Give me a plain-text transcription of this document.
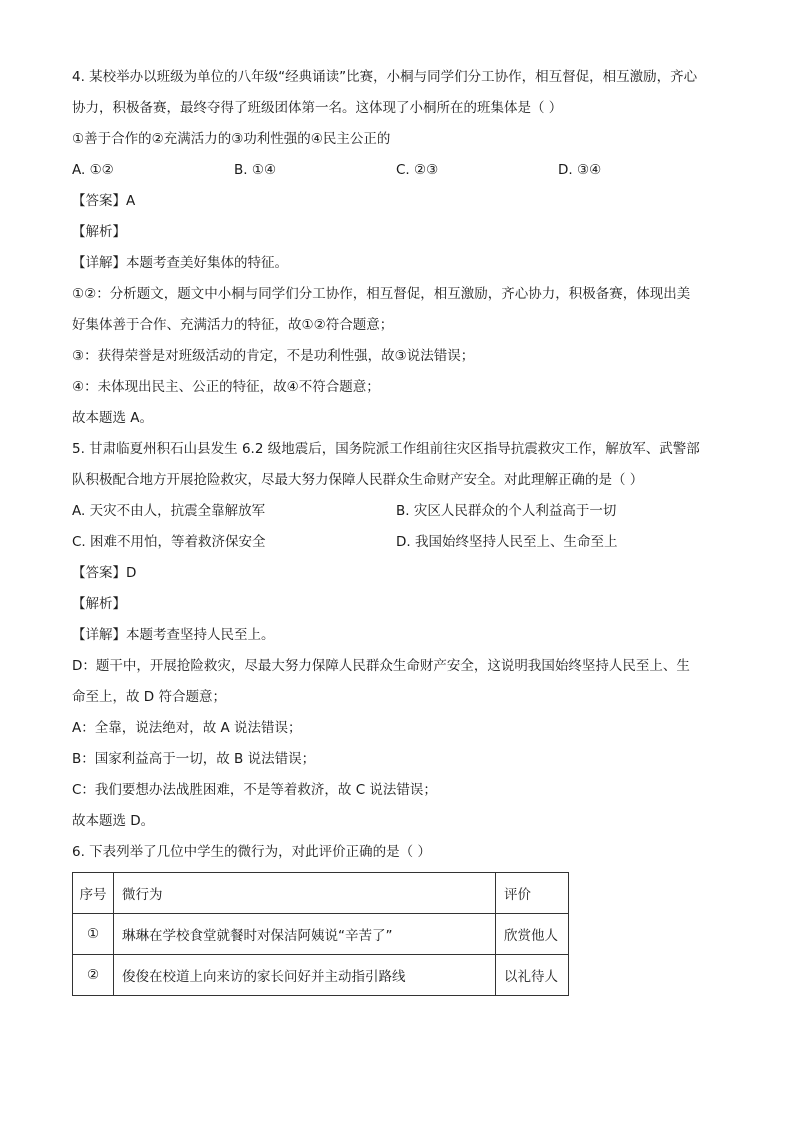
4. 某校举办以班级为单位的八年级“经典诵读”比赛，小桐与同学们分工协作，相互督促，相互激励，齐心
协力，积极备赛，最终夺得了班级团体第一名。这体现了小桐所在的班集体是（ ）
①善于合作的②充满活力的③功利性强的④民主公正的
A. ①②	B. ①④	C. ②③	D. ③④
【答案】A
【解析】
【详解】本题考查美好集体的特征。
①②：分析题文，题文中小桐与同学们分工协作，相互督促，相互激励，齐心协力，积极备赛，体现出美
好集体善于合作、充满活力的特征，故①②符合题意；
③：获得荣誉是对班级活动的肯定，不是功利性强，故③说法错误；
④：未体现出民主、公正的特征，故④不符合题意；
故本题选 A。
5. 甘肃临夏州积石山县发生 6.2 级地震后，国务院派工作组前往灾区指导抗震救灾工作，解放军、武警部
队积极配合地方开展抢险救灾，尽最大努力保障人民群众生命财产安全。对此理解正确的是（ ）
A. 天灾不由人，抗震全靠解放军	B. 灾区人民群众的个人利益高于一切
C. 困难不用怕，等着救济保安全	D. 我国始终坚持人民至上、生命至上
【答案】D
【解析】
【详解】本题考查坚持人民至上。
D：题干中，开展抢险救灾，尽最大努力保障人民群众生命财产安全，这说明我国始终坚持人民至上、生
命至上，故 D 符合题意；
A：全靠，说法绝对，故 A 说法错误；
B：国家利益高于一切，故 B 说法错误；
C：我们要想办法战胜困难，不是等着救济，故 C 说法错误；
故本题选 D。
6. 下表列举了几位中学生的微行为，对此评价正确的是（ ）
序号	微行为	评价
①	琳琳在学校食堂就餐时对保洁阿姨说“辛苦了”	欣赏他人
②	俊俊在校道上向来访的家长问好并主动指引路线	以礼待人
